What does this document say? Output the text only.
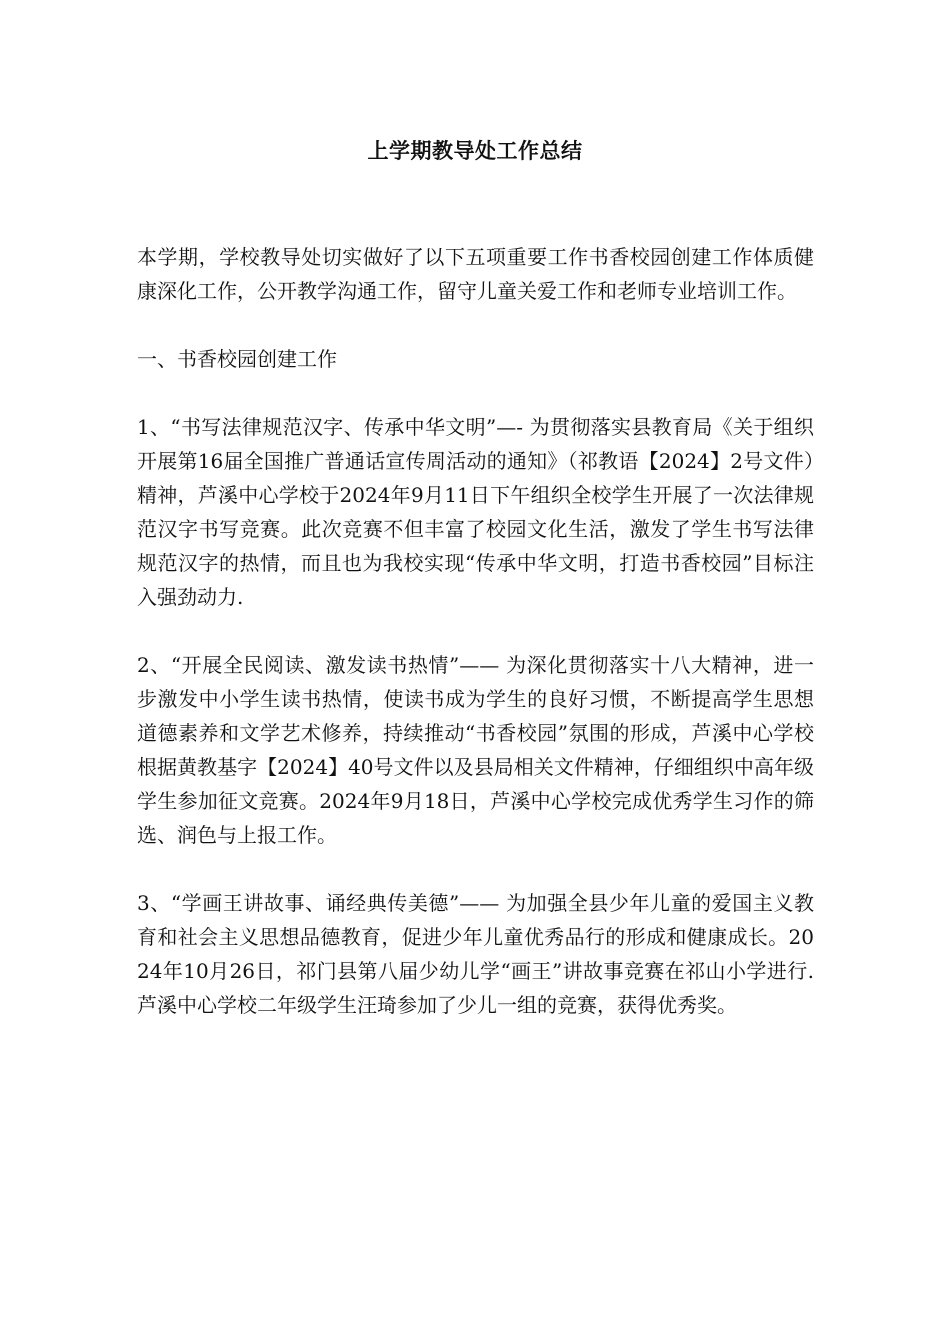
上学期教导处工作总结

本学期，学校教导处切实做好了以下五项重要工作书香校园创建工作体质健康深化工作，公开教学沟通工作，留守儿童关爱工作和老师专业培训工作。

一、书香校园创建工作

1、“书写法律规范汉字、传承中华文明”—- 为贯彻落实县教育局《关于组织开展第16届全国推广普通话宣传周活动的通知》（祁教语【2024】2号文件）精神，芦溪中心学校于2024年9月11日下午组织全校学生开展了一次法律规范汉字书写竞赛。此次竞赛不但丰富了校园文化生活，激发了学生书写法律规范汉字的热情，而且也为我校实现“传承中华文明，打造书香校园”目标注入强劲动力.

2、“开展全民阅读、激发读书热情”—— 为深化贯彻落实十八大精神，进一步激发中小学生读书热情，使读书成为学生的良好习惯，不断提高学生思想道德素养和文学艺术修养，持续推动“书香校园”氛围的形成，芦溪中心学校根据黄教基字【2024】40号文件以及县局相关文件精神，仔细组织中高年级学生参加征文竞赛。2024年9月18日，芦溪中心学校完成优秀学生习作的筛选、润色与上报工作。

3、“学画王讲故事、诵经典传美德”—— 为加强全县少年儿童的爱国主义教育和社会主义思想品德教育，促进少年儿童优秀品行的形成和健康成长。2024年10月26日，祁门县第八届少幼儿学“画王”讲故事竞赛在祁山小学进行.芦溪中心学校二年级学生汪琦参加了少儿一组的竞赛，获得优秀奖。
